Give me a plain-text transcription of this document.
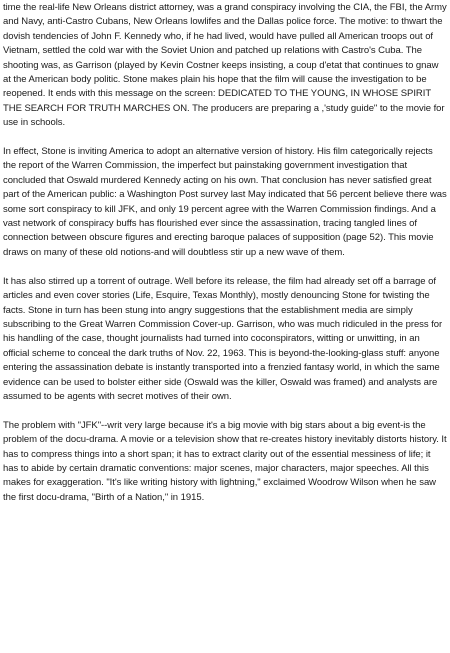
time the real-life New Orleans district attorney, was a grand conspiracy involving the CIA, the FBI, the Army and Navy, anti-Castro Cubans, New Orleans lowlifes and the Dallas police force. The motive: to thwart the dovish tendencies of John F. Kennedy who, if he had lived, would have pulled all American troops out of Vietnam, settled the cold war with the Soviet Union and patched up relations with Castro's Cuba. The shooting was, as Garrison (played by Kevin Costner keeps insisting, a coup d'etat that continues to gnaw at the American body politic. Stone makes plain his hope that the film will cause the investigation to be reopened. It ends with this message on the screen: DEDICATED TO THE YOUNG, IN WHOSE SPIRIT THE SEARCH FOR TRUTH MARCHES ON. The producers are preparing a ,'study guide" to the movie for use in schools.

In effect, Stone is inviting America to adopt an alternative version of history. His film categorically rejects the report of the Warren Commission, the imperfect but painstaking government investigation that concluded that Oswald murdered Kennedy acting on his own. That conclusion has never satisfied great part of the American public: a Washington Post survey last May indicated that 56 percent believe there was some sort conspiracy to kill JFK, and only 19 percent agree with the Warren Commission findings. And a vast network of conspiracy buffs has flourished ever since the assassination, tracing tangled lines of connection between obscure figures and erecting baroque palaces of supposition (page 52). This movie draws on many of these old notions-and will doubtless stir up a new wave of them.

It has also stirred up a torrent of outrage. Well before its release, the film had already set off a barrage of articles and even cover stories (Life, Esquire, Texas Monthly), mostly denouncing Stone for twisting the facts. Stone in turn has been stung into angry suggestions that the establishment media are simply subscribing to the Great Warren Commission Cover-up. Garrison, who was much ridiculed in the press for his handling of the case, thought journalists had turned into coconspirators, witting or unwitting, in an official scheme to conceal the dark truths of Nov. 22, 1963. This is beyond-the-looking-glass stuff: anyone entering the assassination debate is instantly transported into a frenzied fantasy world, in which the same evidence can be used to bolster either side (Oswald was the killer, Oswald was framed) and analysts are assumed to be agents with secret motives of their own.

The problem with "JFK"--writ very large because it's a big movie with big stars about a big event-is the problem of the docu-drama. A movie or a television show that re-creates history inevitably distorts history. It has to compress things into a short span; it has to extract clarity out of the essential messiness of life; it has to abide by certain dramatic conventions: major scenes, major characters, major speeches. All this makes for exaggeration. "It's like writing history with lightning," exclaimed Woodrow Wilson when he saw the first docu-drama, "Birth of a Nation," in 1915.
